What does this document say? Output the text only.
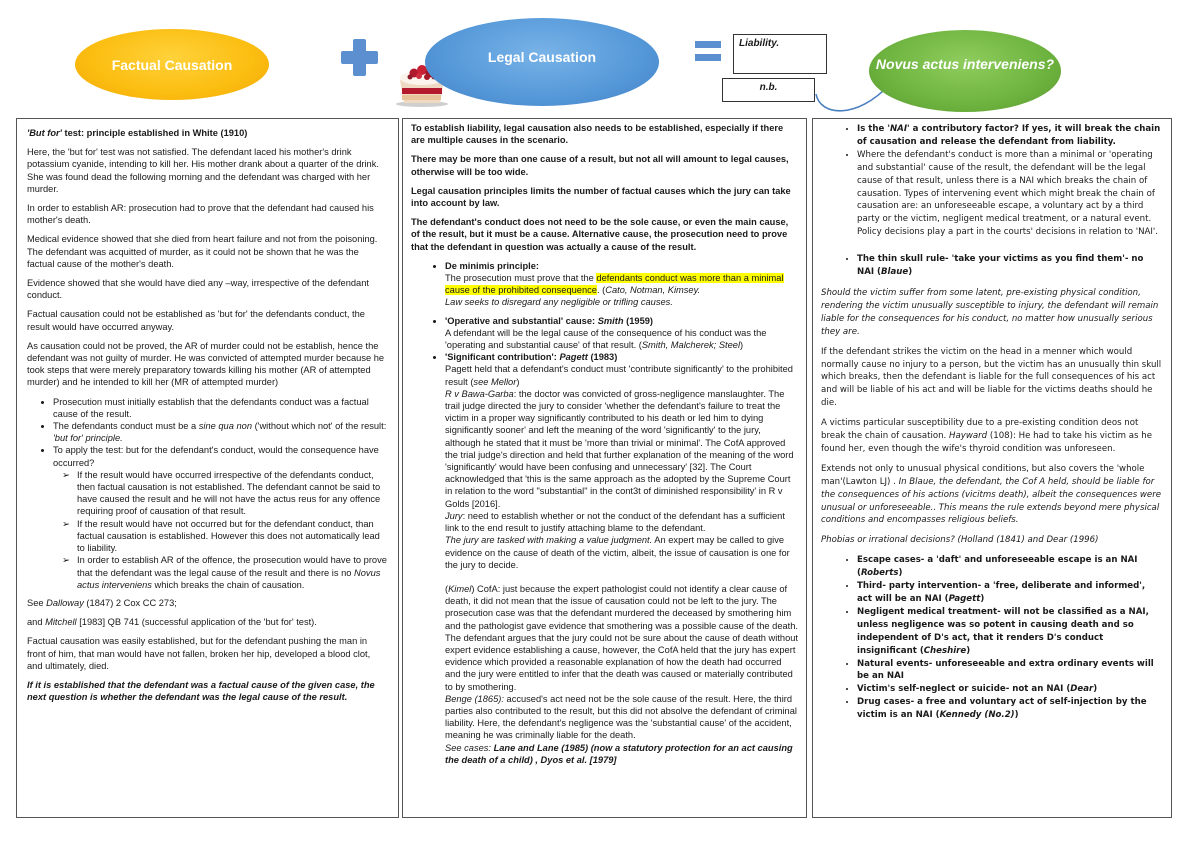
Factual Causation	Legal Causation
Liability.
n.b.
Novus actus interveniens?

'But for' test: principle established in White (1910)

Here, the 'but for' test was not satisfied. The defendant laced his mother's drink potassium cyanide, intending to kill her. His mother drank about a quarter of the drink. She was found dead the following morning and the defendant was charged with her murder.

In order to establish AR: prosecution had to prove that the defendant had caused his mother's death.

Medical evidence showed that she died from heart failure and not from the poisoning. The defendant was acquitted of murder, as it could not be shown that he was the factual cause of the mother's death.

Evidence showed that she would have died any –way, irrespective of the defendant conduct.

Factual causation could not be established as 'but for' the defendants conduct, the result would have occurred anyway.

As causation could not be proved, the AR of murder could not be establish, hence the defendant was not guilty of murder. He was convicted of attempted murder because he took steps that were merely preparatory towards killing his mother (AR of attempted murder) and he intended to kill her (MR of attempted murder)

• Prosecution must initially establish that the defendants conduct was a factual cause of the result.
• The defendants conduct must be a sine qua non ('without which not' of the result: 'but for' principle.
• To apply the test: but for the defendant's conduct, would the consequence have occurred?
➢ If the result would have occurred irrespective of the defendants conduct, then factual causation is not established. The defendant cannot be said to have caused the result and he will not have the actus reus for any offence requiring proof of causation of that result.
➢ If the result would have not occurred but for the defendant conduct, than factual causation is established. However this does not automatically lead to liability.
➢ In order to establish AR of the offence, the prosecution would have to prove that the defendant was the legal cause of the result and there is no Novus actus interveniens which breaks the chain of causation.

See Dalloway (1847) 2 Cox CC 273;

and Mitchell [1983] QB 741 (successful application of the 'but for' test).

Factual causation was easily established, but for the defendant pushing the man in front of him, that man would have not fallen, broken her hip, developed a blood clot, and ultimately, died.

If it is established that the defendant was a factual cause of the given case, the next question is whether the defendant was the legal cause of the result.

To establish liability, legal causation also needs to be established, especially if there are multiple causes in the scenario.

There may be more than one cause of a result, but not all will amount to legal causes, otherwise will be too wide.

Legal causation principles limits the number of factual causes which the jury can take into account by law.

The defendant's conduct does not need to be the sole cause, or even the main cause, of the result, but it must be a cause. Alternative cause, the prosecution need to prove that the defendant in question was actually a cause of the result.

• De minimis principle:
The prosecution must prove that the defendants conduct was more than a minimal cause of the prohibited consequence. (Cato, Notman, Kimsey.
Law seeks to disregard any negligible or trifling causes.
• 'Operative and substantial' cause: Smith (1959)
A defendant will be the legal cause of the consequence of his conduct was the 'operating and substantial cause' of that result. (Smith, Malcherek; Steel)
• 'Significant contribution': Pagett (1983)
Pagett held that a defendant's conduct must 'contribute significantly' to the prohibited result (see Mellor)
R v Bawa-Garba: the doctor was convicted of gross-negligence manslaughter. The trail judge directed the jury to consider 'whether the defendant's failure to treat the victim in a proper way significantly contributed to his death or led him to dying significantly sooner' and left the meaning of the word 'significantly' to the jury, although he stated that it must be 'more than trivial or minimal'. The CofA approved the trial judge's direction and held that further explanation of the meaning of the word 'significantly' would have been confusing and unnecessary' [32]. The Court acknowledged that 'this is the same approach as the adopted by the Supreme Court in relation to the word "substantial" in the cont3t of diminished responsibility' in R v Golds [2016].
Jury: need to establish whether or not the conduct of the defendant has a sufficient link to the end result to justify attaching blame to the defendant.
The jury are tasked with making a value judgment. An expert may be called to give evidence on the cause of death of the victim, albeit, the issue of causation is one for the jury to decide.
(Kimel) CofA: just because the expert pathologist could not identify a clear cause of death, it did not mean that the issue of causation could not be left to the jury. The prosecution case was that the defendant murdered the deceased by smothering him and the pathologist gave evidence that smothering was a possible cause of the death. The defendant argues that the jury could not be sure about the cause of death without expert evidence establishing a cause, however, the CofA held that the jury has expert evidence which provided a reasonable explanation of how the death had occurred and the jury were entitled to infer that the death was caused or materially contributed to by smothering.
Benge (1865): accused's act need not be the sole cause of the result. Here, the third parties also contributed to the result, but this did not absolve the defendant of criminal liability. Here, the defendant's negligence was the 'substantial cause' of the accident, meaning he was criminally liable for the death.
See cases: Lane and Lane (1985) (now a statutory protection for an act causing the death of a child) , Dyos et al. [1979]
• Is the 'NAI' a contributory factor? If yes, it will break the chain of causation and release the defendant from liability.
• Where the defendant's conduct is more than a minimal or 'operating and substantial' cause of the result, the defendant will be the legal cause of that result, unless there is a NAI which breaks the chain of causation. Types of intervening event which might break the chain of causation are: an unforeseeable escape, a voluntary act by a third party or the victim, negligent medical treatment, or a natural event. Policy decisions play a part in the courts' decisions in relation to 'NAI'.
• The thin skull rule- 'take your victims as you find them'- no NAI (Blaue)

Should the victim suffer from some latent, pre-existing physical condition, rendering the victim unusually susceptible to injury, the defendant will remain liable for the consequences for his conduct, no matter how unusually serious they are.

If the defendant strikes the victim on the head in a menner which would normally cause no injury to a person, but the victim has an unusually thin skull which breaks, then the defendant is liable for the full consequences of his act and will be liable of his act and will be liable for the victims deaths should he die.

A victims particular susceptibility due to a pre-existing condition deos not break the chain of causation. Hayward (108): He had to take his victim as he found her, even though the wife's thyroid condition was unforeseen.

Extends not only to unusual physical conditions, but also covers the 'whole man'(Lawton LJ) . In Blaue, the defendant, the Cof A held, should be liable for the consequences of his actions (vicitms death), albeit the consequences were unusual or unforeseeable.. This means the rule extends beyond mere physical conditions and encompasses religious beliefs.

Phobias or irrational decisions? (Holland (1841) and Dear (1996)

• Escape cases- a 'daft' and unforeseeable escape is an NAI (Roberts)
• Third- party intervention- a 'free, deliberate and informed', act will be an NAI (Pagett)
• Negligent medical treatment- will not be classified as a NAI, unless negligence was so potent in causing death and so independent of D's act, that it renders D's conduct insignificant (Cheshire)
• Natural events- unforeseeable and extra ordinary events will be an NAI
• Victim's self-neglect or suicide- not an NAI (Dear)
• Drug cases- a free and voluntary act of self-injection by the victim is an NAI (Kennedy (No.2))
